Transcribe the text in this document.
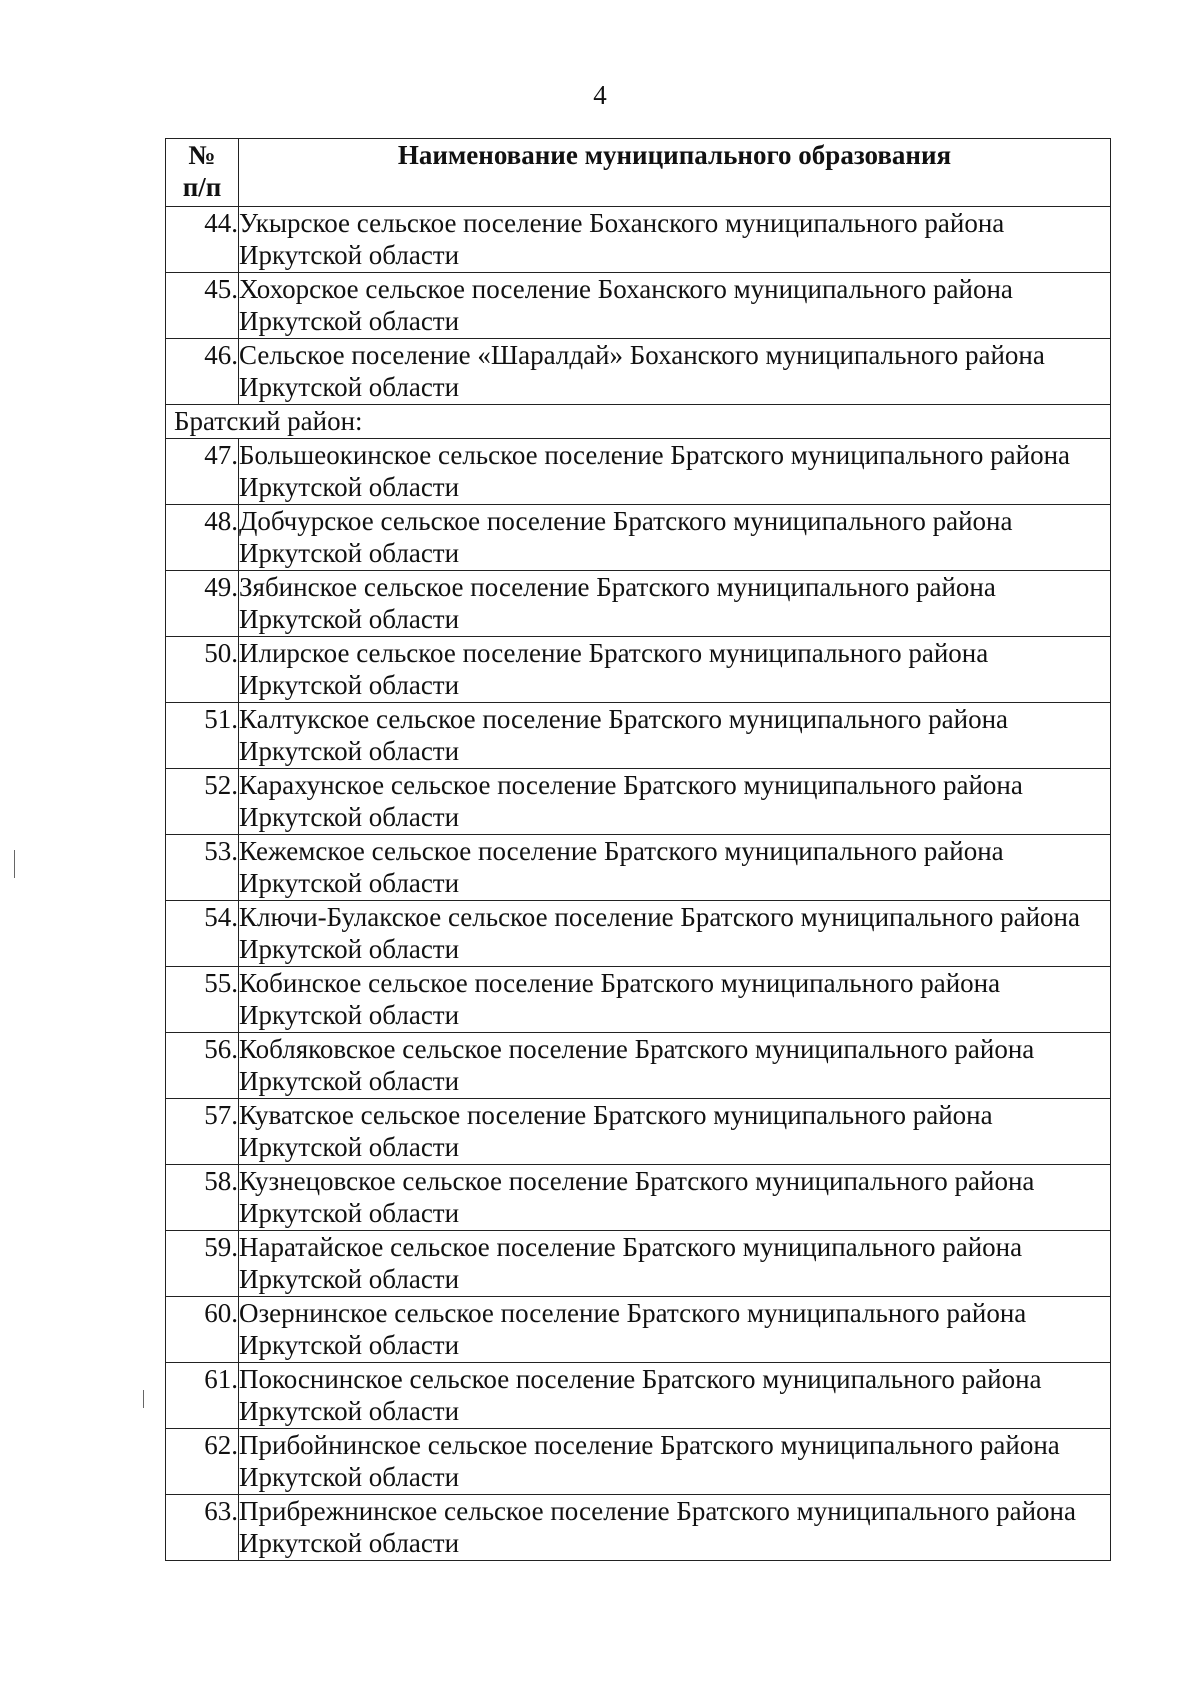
4
№
п/п	Наименование муниципального образования
44.	Укырское сельское поселение Боханского муниципального района Иркутской области
45.	Хохорское сельское поселение Боханского муниципального района Иркутской области
46.	Сельское поселение «Шаралдай» Боханского муниципального района Иркутской области
Братский район:	
47.	Большеокинское сельское поселение Братского муниципального района Иркутской области
48.	Добчурское сельское поселение Братского муниципального района Иркутской области
49.	Зябинское сельское поселение Братского муниципального района Иркутской области
50.	Илирское сельское поселение Братского муниципального района Иркутской области
51.	Калтукское сельское поселение Братского муниципального района Иркутской области
52.	Карахунское сельское поселение Братского муниципального района Иркутской области
53.	Кежемское сельское поселение Братского муниципального района Иркутской области
54.	Ключи-Булакское сельское поселение Братского муниципального района Иркутской области
55.	Кобинское сельское поселение Братского муниципального района Иркутской области
56.	Кобляковское сельское поселение Братского муниципального района Иркутской области
57.	Куватское сельское поселение Братского муниципального района Иркутской области
58.	Кузнецовское сельское поселение Братского муниципального района Иркутской области
59.	Наратайское сельское поселение Братского муниципального района Иркутской области
60.	Озернинское сельское поселение Братского муниципального района Иркутской области
61.	Покоснинское сельское поселение Братского муниципального района Иркутской области
62.	Прибойнинское сельское поселение Братского муниципального района Иркутской области
63.	Прибрежнинское сельское поселение Братского муниципального района Иркутской области
